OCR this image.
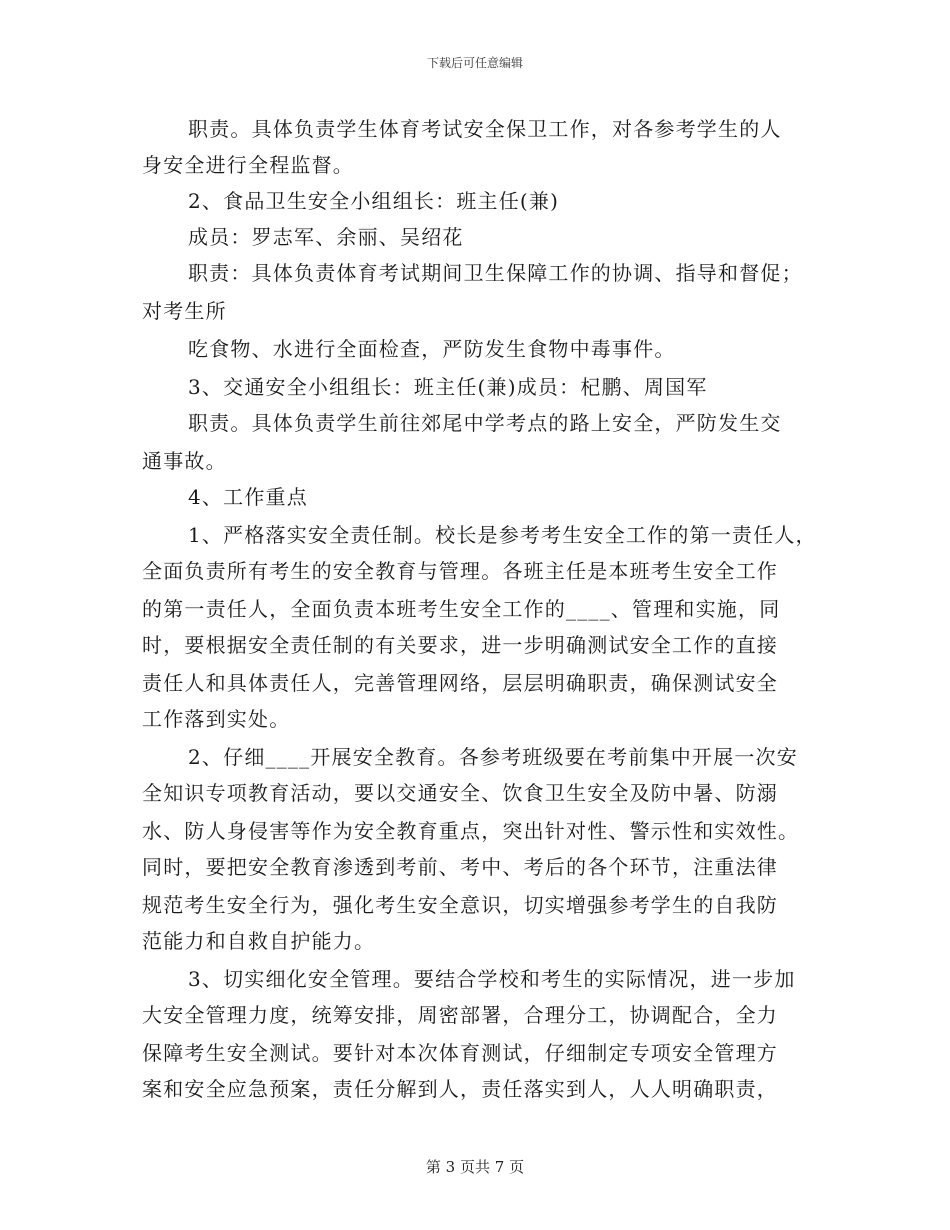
下载后可任意编辑
职责。具体负责学生体育考试安全保卫工作，对各参考学生的人
身安全进行全程监督。
2、食品卫生安全小组组长：班主任(兼)
成员：罗志军、余丽、吴绍花
职责：具体负责体育考试期间卫生保障工作的协调、指导和督促；
对考生所
吃食物、水进行全面检查，严防发生食物中毒事件。
3、交通安全小组组长：班主任(兼)成员：杞鹏、周国军
职责。具体负责学生前往郊尾中学考点的路上安全，严防发生交
通事故。
4、工作重点
1、严格落实安全责任制。校长是参考考生安全工作的第一责任人，
全面负责所有考生的安全教育与管理。各班主任是本班考生安全工作
的第一责任人，全面负责本班考生安全工作的____、管理和实施，同
时，要根据安全责任制的有关要求，进一步明确测试安全工作的直接
责任人和具体责任人，完善管理网络，层层明确职责，确保测试安全
工作落到实处。
2、仔细____开展安全教育。各参考班级要在考前集中开展一次安
全知识专项教育活动，要以交通安全、饮食卫生安全及防中暑、防溺
水、防人身侵害等作为安全教育重点，突出针对性、警示性和实效性。
同时，要把安全教育渗透到考前、考中、考后的各个环节，注重法律
规范考生安全行为，强化考生安全意识，切实增强参考学生的自我防
范能力和自救自护能力。
3、切实细化安全管理。要结合学校和考生的实际情况，进一步加
大安全管理力度，统筹安排，周密部署，合理分工，协调配合，全力
保障考生安全测试。要针对本次体育测试，仔细制定专项安全管理方
案和安全应急预案，责任分解到人，责任落实到人，人人明确职责，
第 3 页共 7 页
